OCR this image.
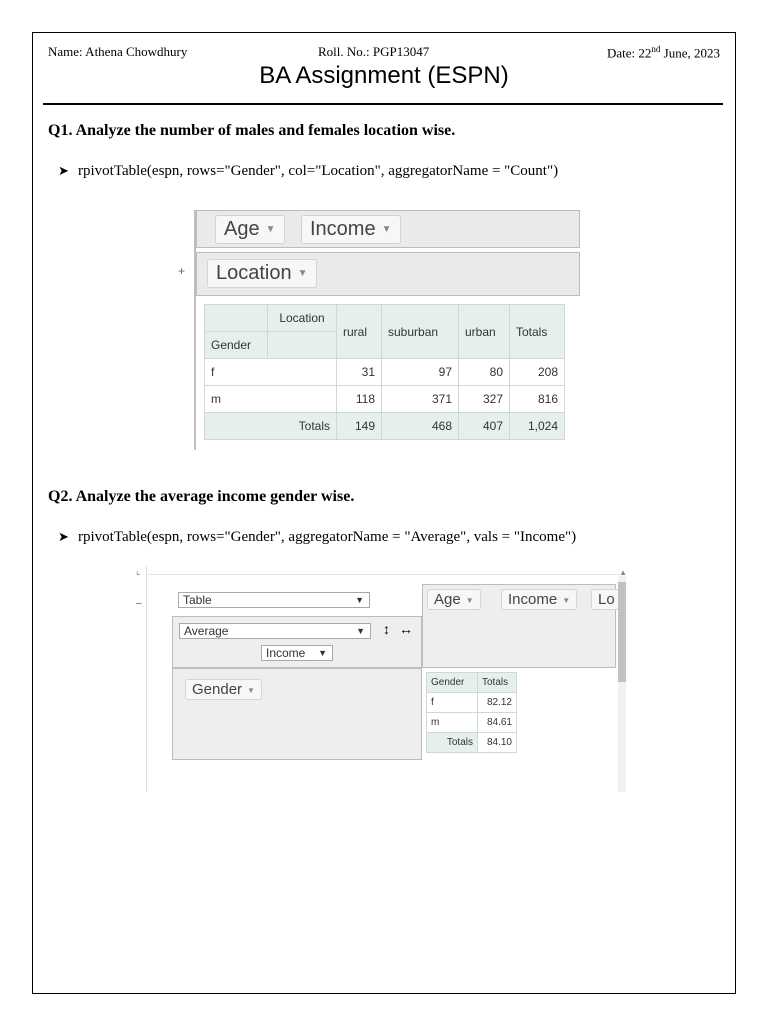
Name: Athena Chowdhury	Roll. No.: PGP13047	Date: 22nd June, 2023
BA Assignment (ESPN)
Q1. Analyze the number of males and females location wise.
➤ rpivotTable(espn, rows="Gender", col="Location", aggregatorName = "Count")
+
Age ▼	Income ▼
Location ▼
	Location	rural	suburban	urban	Totals
Gender					
f		31	97	80	208
m		118	371	327	816
Totals		149	468	407	1,024
Q2. Analyze the average income gender wise.
➤ rpivotTable(espn, rows="Gender", aggregatorName = "Average", vals = "Income")
⌞
–	Table	▼
Average	▼ ↕ ↔
Income ▼
Age ▼	Income ▼	Lo
Gender ▼
Gender	Totals
f	82.12
m	84.61
Totals	84.10
▲
